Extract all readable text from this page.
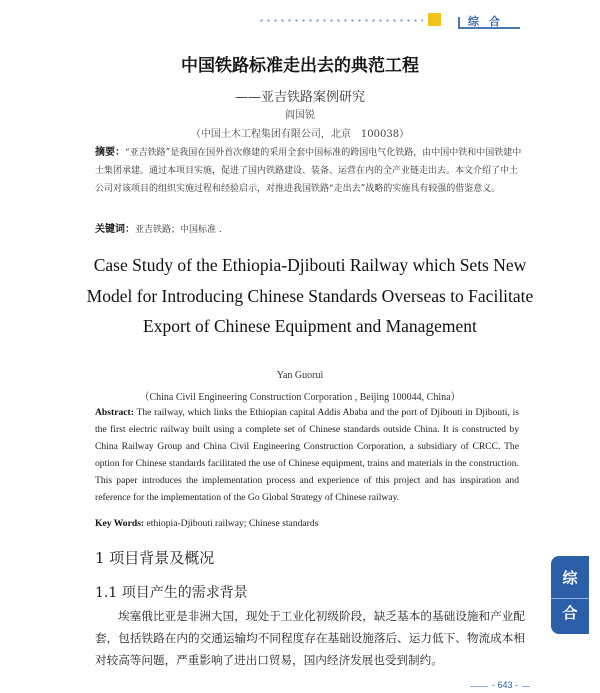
综合
中国铁路标准走出去的典范工程
——亚吉铁路案例研究
阎国锐
（中国土木工程集团有限公司，北京　100038）
摘要：“亚吉铁路”是我国在国外首次修建的采用全套中国标准的跨国电气化铁路，由中国中铁和中国铁建中土集团承建。通过本项目实施，促进了国内铁路建设、装备、运营在内的全产业链走出去。本文介绍了中土公司对该项目的组织实施过程和经验启示，对推进我国铁路“走出去”战略的实施具有较强的借鉴意义。
关键词：亚吉铁路；中国标准 .
Case Study of the Ethiopia-Djibouti Railway which Sets New Model for Introducing Chinese Standards Overseas to Facilitate Export of Chinese Equipment and Management
Yan Guorui
（China Civil Engineering Construction Corporation , Beijing 100044, China）
Abstract: The railway, which links the Ethiopian capital Addis Ababa and the port of Djibouti in Djibouti, is the first electric railway built using a complete set of Chinese standards outside China. It is constructed by China Railway Group and China Civil Engineering Construction Corporation, a subsidiary of CRCC. The option for Chinese standards facilitated the use of Chinese equipment, trains and materials in the construction. This paper introduces the implementation process and experience of this project and has inspiration and reference for the implementation of the Go Global Strategy of Chinese railway.
Key Words: ethiopia-Djibouti railway; Chinese standards
1 项目背景及概况
1.1 项目产生的需求背景
埃塞俄比亚是非洲大国，现处于工业化初级阶段，缺乏基本的基础设施和产业配套，包括铁路在内的交通运输均不同程度存在基础设施落后、运力低下、物流成本相对较高等问题，严重影响了进出口贸易，国内经济发展也受到制约。
综
合
- 643 -
